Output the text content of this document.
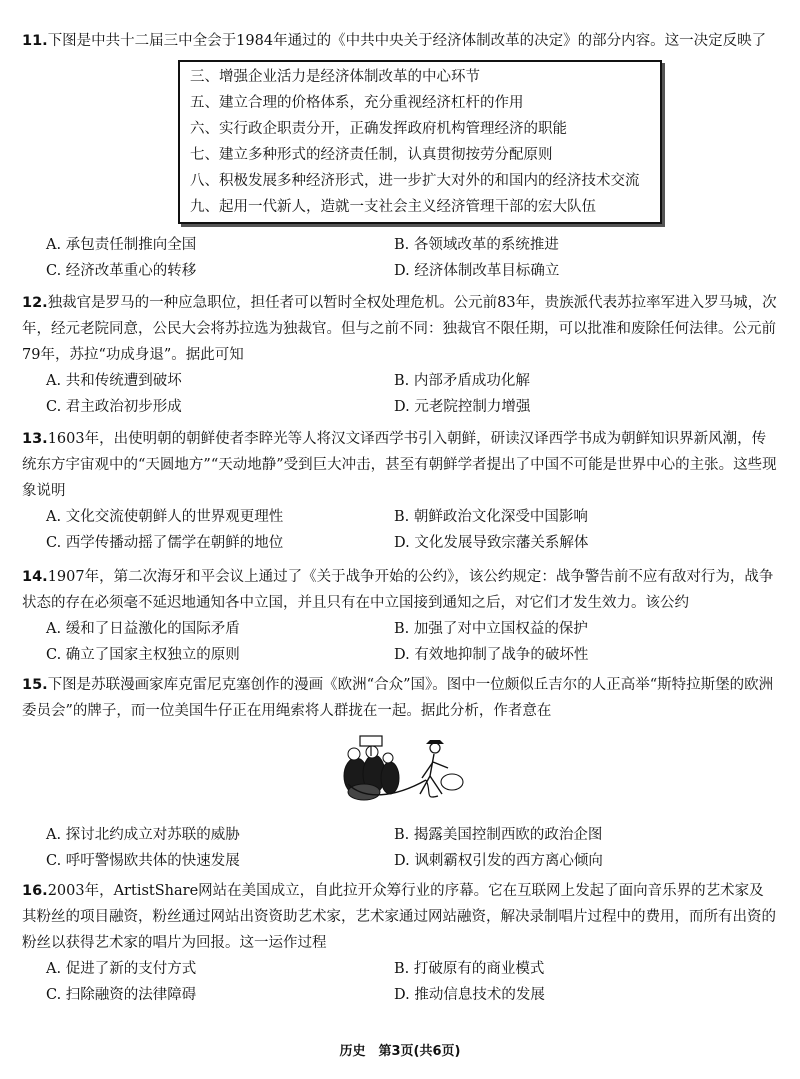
11.下图是中共十二届三中全会于1984年通过的《中共中央关于经济体制改革的决定》的部分内容。这一决定反映了

三、增强企业活力是经济体制改革的中心环节
五、建立合理的价格体系，充分重视经济杠杆的作用
六、实行政企职责分开，正确发挥政府机构管理经济的职能
七、建立多种形式的经济责任制，认真贯彻按劳分配原则
八、积极发展多种经济形式，进一步扩大对外的和国内的经济技术交流
九、起用一代新人，造就一支社会主义经济管理干部的宏大队伍
A. 承包责任制推向全国	B. 各领域改革的系统推进
C. 经济改革重心的转移	D. 经济体制改革目标确立

12.独裁官是罗马的一种应急职位，担任者可以暂时全权处理危机。公元前83年，贵族派代表苏拉率军进入罗马城，次年，经元老院同意，公民大会将苏拉选为独裁官。但与之前不同：独裁官不限任期，可以批准和废除任何法律。公元前79年，苏拉“功成身退”。据此可知

A. 共和传统遭到破坏	B. 内部矛盾成功化解
C. 君主政治初步形成	D. 元老院控制力增强

13.1603年，出使明朝的朝鲜使者李睟光等人将汉文译西学书引入朝鲜，研读汉译西学书成为朝鲜知识界新风潮，传统东方宇宙观中的“天圆地方”“天动地静”受到巨大冲击，甚至有朝鲜学者提出了中国不可能是世界中心的主张。这些现象说明

A. 文化交流使朝鲜人的世界观更理性	B. 朝鲜政治文化深受中国影响
C. 西学传播动摇了儒学在朝鲜的地位	D. 文化发展导致宗藩关系解体

14.1907年，第二次海牙和平会议上通过了《关于战争开始的公约》，该公约规定：战争警告前不应有敌对行为，战争状态的存在必须毫不延迟地通知各中立国，并且只有在中立国接到通知之后，对它们才发生效力。该公约

A. 缓和了日益激化的国际矛盾	B. 加强了对中立国权益的保护
C. 确立了国家主权独立的原则	D. 有效地抑制了战争的破坏性

15.下图是苏联漫画家库克雷尼克塞创作的漫画《欧洲“合众”国》。图中一位颇似丘吉尔的人正高举“斯特拉斯堡的欧洲委员会”的牌子，而一位美国牛仔正在用绳索将人群拢在一起。据此分析，作者意在

A. 探讨北约成立对苏联的威胁	B. 揭露美国控制西欧的政治企图
C. 呼吁警惕欧共体的快速发展	D. 讽刺霸权引发的西方离心倾向

16.2003年，ArtistShare网站在美国成立，自此拉开众筹行业的序幕。它在互联网上发起了面向音乐界的艺术家及其粉丝的项目融资，粉丝通过网站出资资助艺术家，艺术家通过网站融资，解决录制唱片过程中的费用，而所有出资的粉丝以获得艺术家的唱片为回报。这一运作过程

A. 促进了新的支付方式	B. 打破原有的商业模式
C. 扫除融资的法律障碍	D. 推动信息技术的发展
历史　第3页(共6页)
